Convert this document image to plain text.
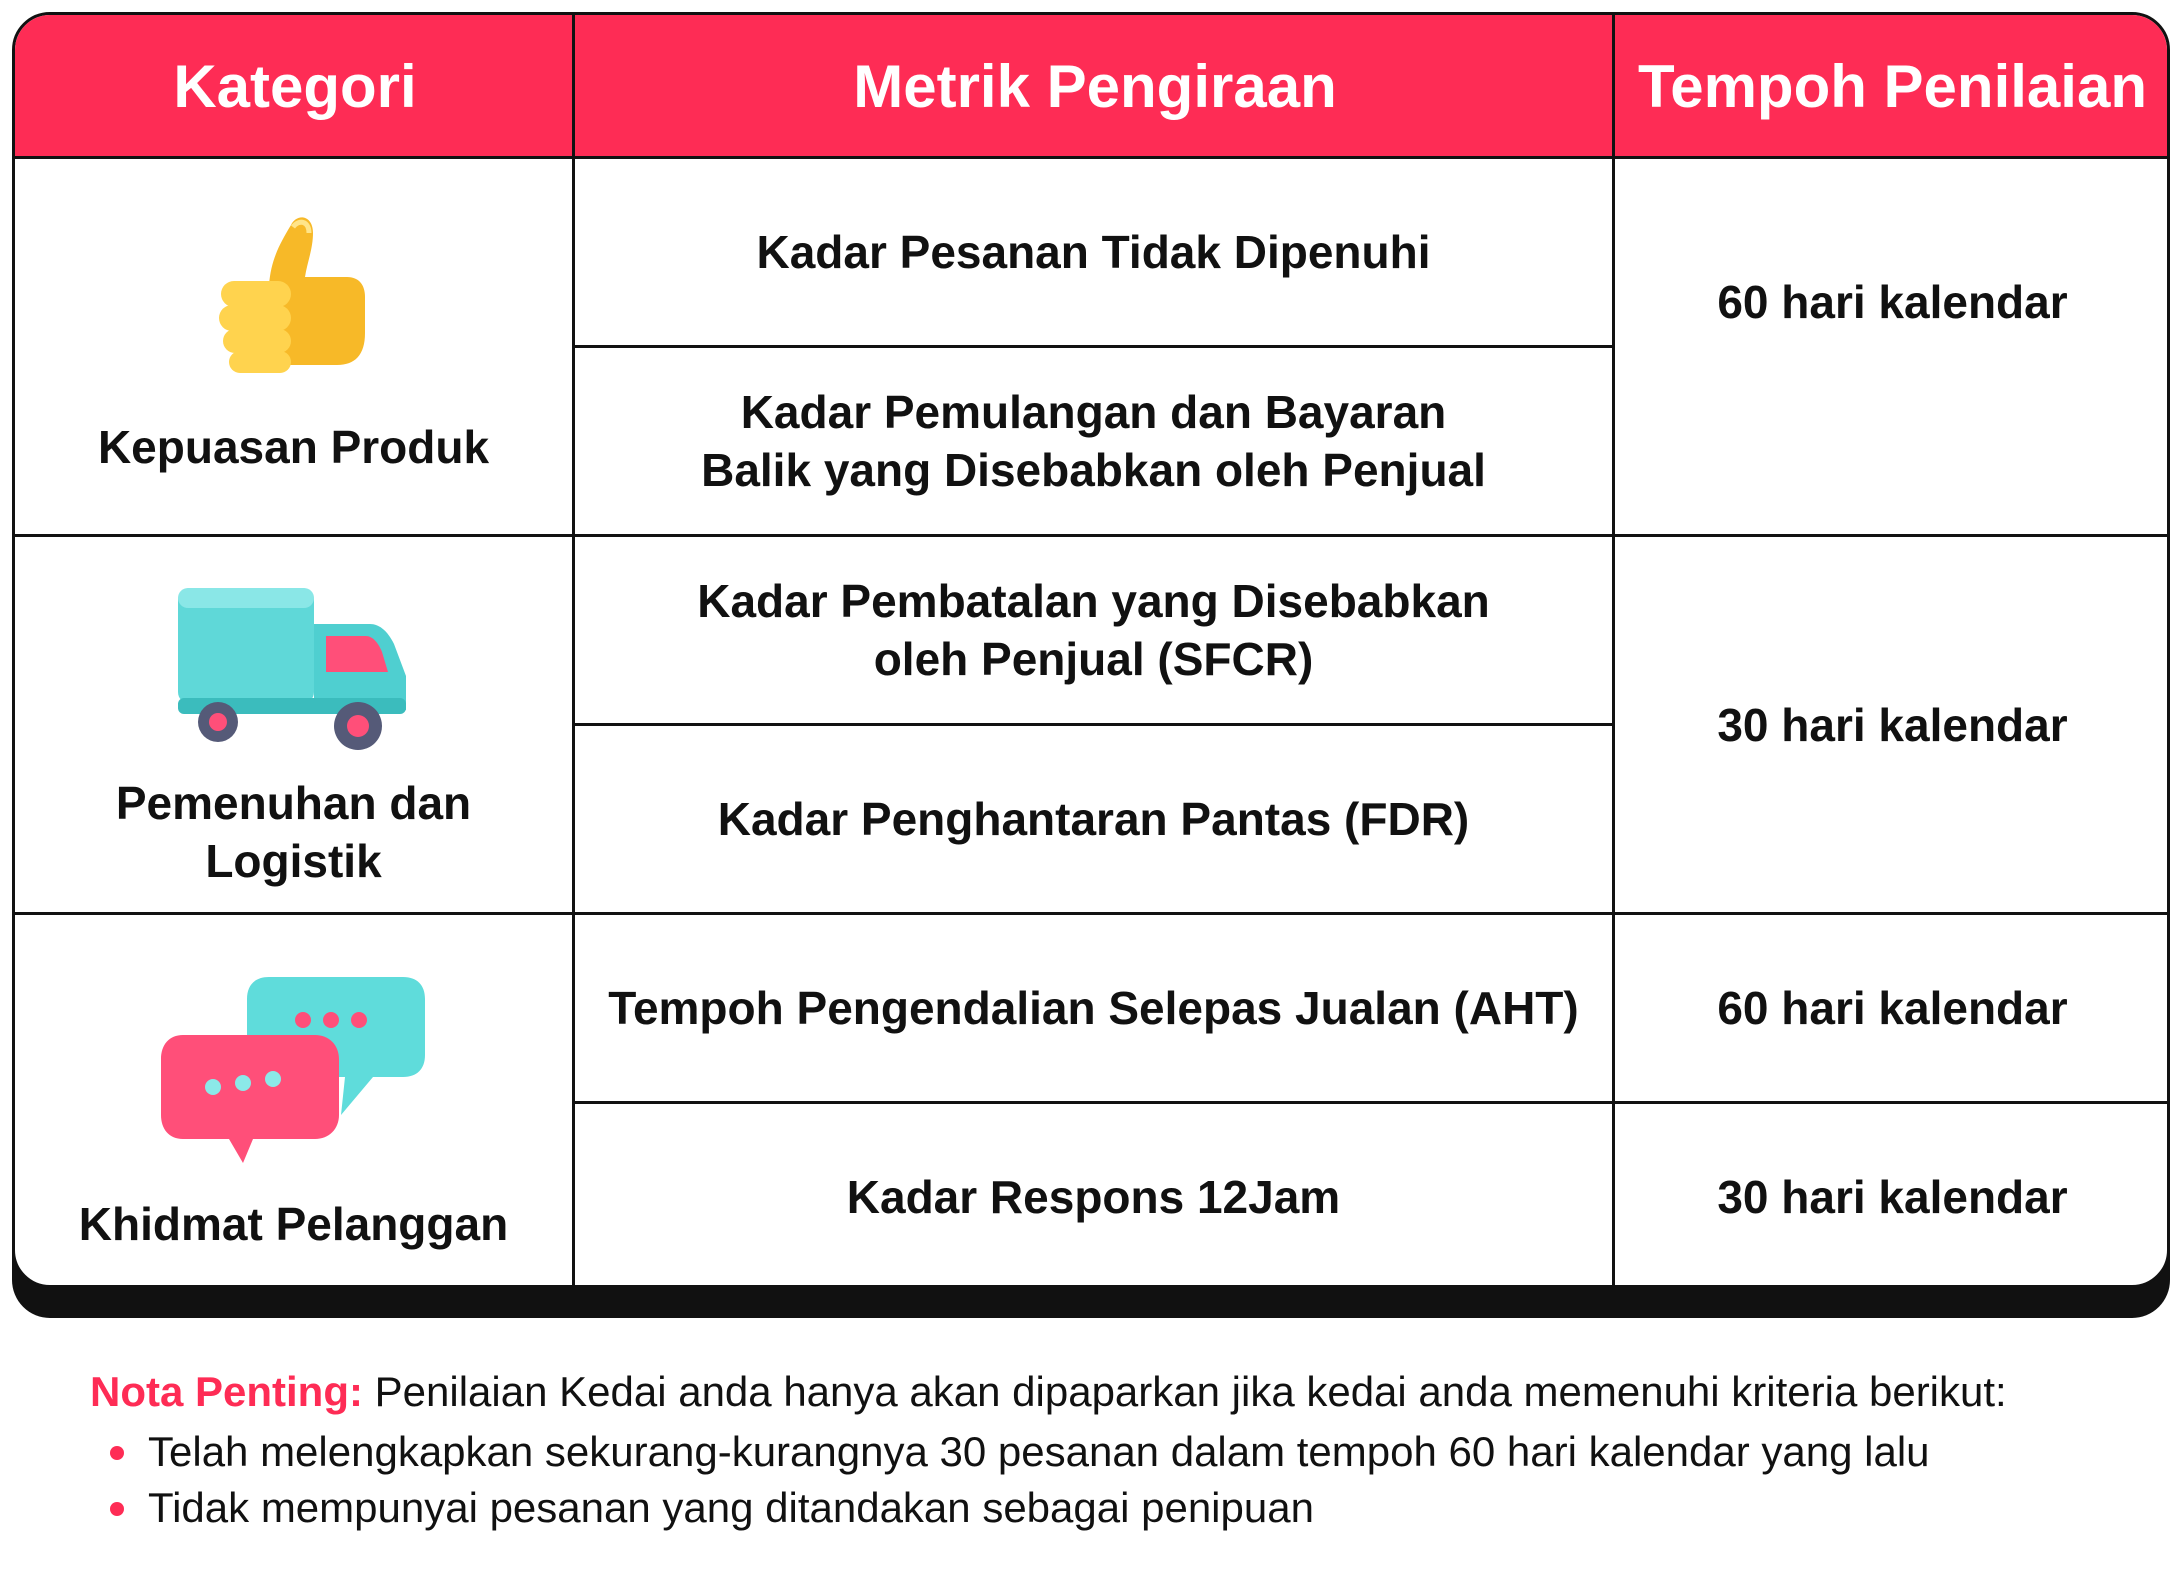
Kategori	Metrik Pengiraan	Tempoh Penilaian
Kepuasan Produk
Pemenuhan dan
Logistik
Khidmat Pelanggan
Kadar Pesanan Tidak Dipenuhi
Kadar Pemulangan dan Bayaran
Balik yang Disebabkan oleh Penjual
Kadar Pembatalan yang Disebabkan
oleh Penjual (SFCR)
Kadar Penghantaran Pantas (FDR)
Tempoh Pengendalian Selepas Jualan (AHT)
Kadar Respons 12Jam
60 hari kalendar
30 hari kalendar
60 hari kalendar
30 hari kalendar
Nota Penting: Penilaian Kedai anda hanya akan dipaparkan jika kedai anda memenuhi kriteria berikut:
Telah melengkapkan sekurang-kurangnya 30 pesanan dalam tempoh 60 hari kalendar yang lalu
Tidak mempunyai pesanan yang ditandakan sebagai penipuan
